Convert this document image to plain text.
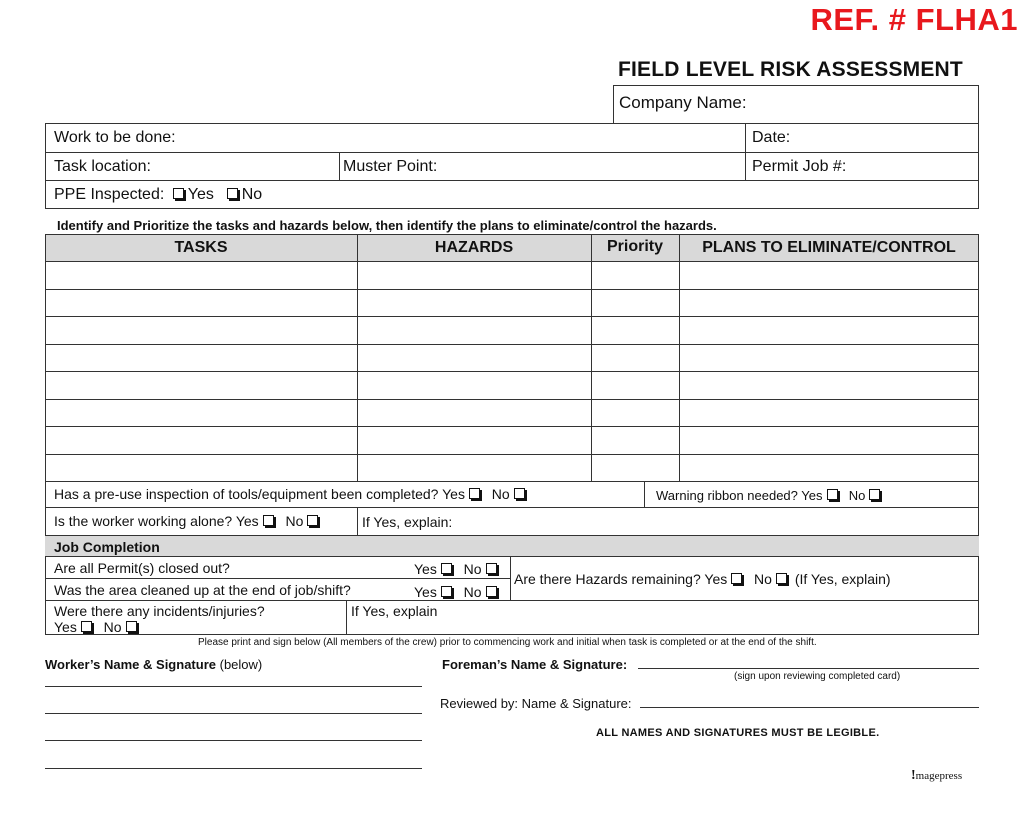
REF. # FLHA1
FIELD LEVEL RISK ASSESSMENT
Company Name:
Work to be done:	Date:
Task location:	Muster Point:	Permit Job #:
PPE Inspected: Yes No
Identify and Prioritize the tasks and hazards below, then identify the plans to eliminate/control the hazards.
TASKS	HAZARDS	Priority	PLANS TO ELIMINATE/CONTROL
Has a pre-use inspection of tools/equipment been completed? Yes No	Warning ribbon needed? Yes No
Is the worker working alone? Yes No	If Yes, explain:
Job Completion
Are all Permit(s) closed out?	Yes No
Was the area cleaned up at the end of job/shift?	Yes No
Are there Hazards remaining? Yes No (If Yes, explain)
Were there any incidents/injuries?
Yes No
If Yes, explain
Please print and sign below (All members of the crew) prior to commencing work and initial when task is completed or at the end of the shift.
Worker’s Name & Signature (below)	Foreman’s Name & Signature:
(sign upon reviewing completed card)
Reviewed by: Name & Signature:
ALL NAMES AND SIGNATURES MUST BE LEGIBLE.
!magepress
